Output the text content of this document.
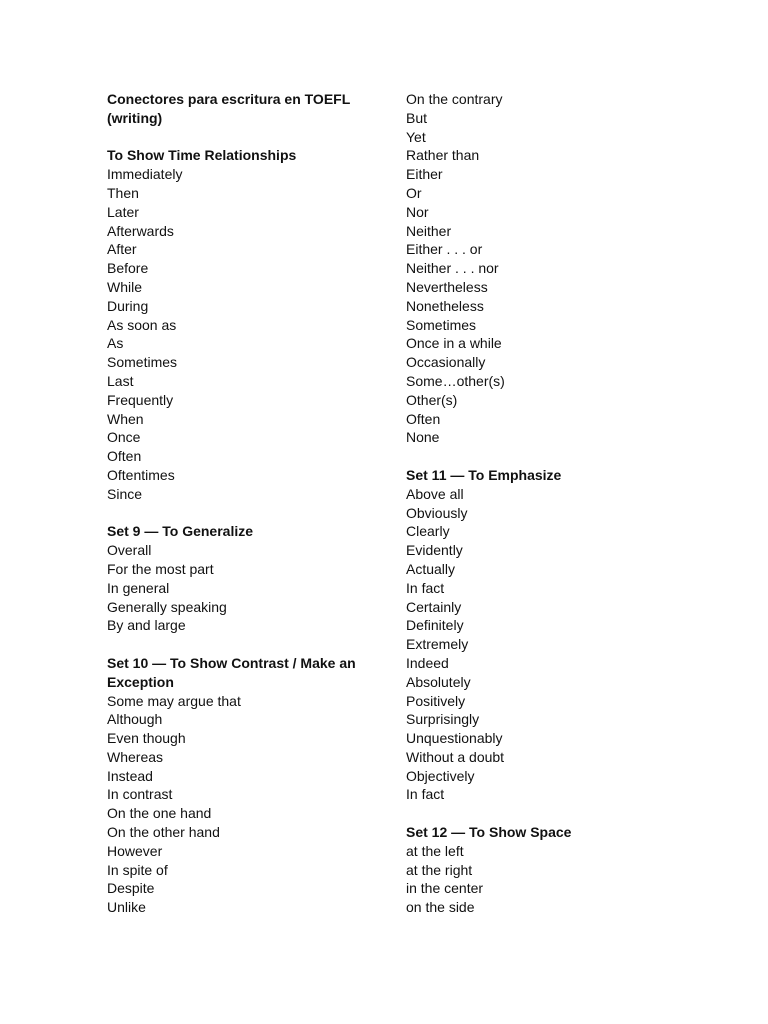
Conectores para escritura en TOEFL
(writing)
To Show Time Relationships
Immediately
Then
Later
Afterwards
After
Before
While
During
As soon as
As
Sometimes
Last
Frequently
When
Once
Often
Oftentimes
Since
Set 9 — To Generalize
Overall
For the most part
In general
Generally speaking
By and large
Set 10 — To Show Contrast / Make an
Exception
Some may argue that
Although
Even though
Whereas
Instead
In contrast
On the one hand
On the other hand
However
In spite of
Despite
Unlike
On the contrary
But
Yet
Rather than
Either
Or
Nor
Neither
Either . . . or
Neither . . . nor
Nevertheless
Nonetheless
Sometimes
Once in a while
Occasionally
Some…other(s)
Other(s)
Often
None
Set 11 — To Emphasize
Above all
Obviously
Clearly
Evidently
Actually
In fact
Certainly
Definitely
Extremely
Indeed
Absolutely
Positively
Surprisingly
Unquestionably
Without a doubt
Objectively
In fact
Set 12 — To Show Space
at the left
at the right
in the center
on the side
